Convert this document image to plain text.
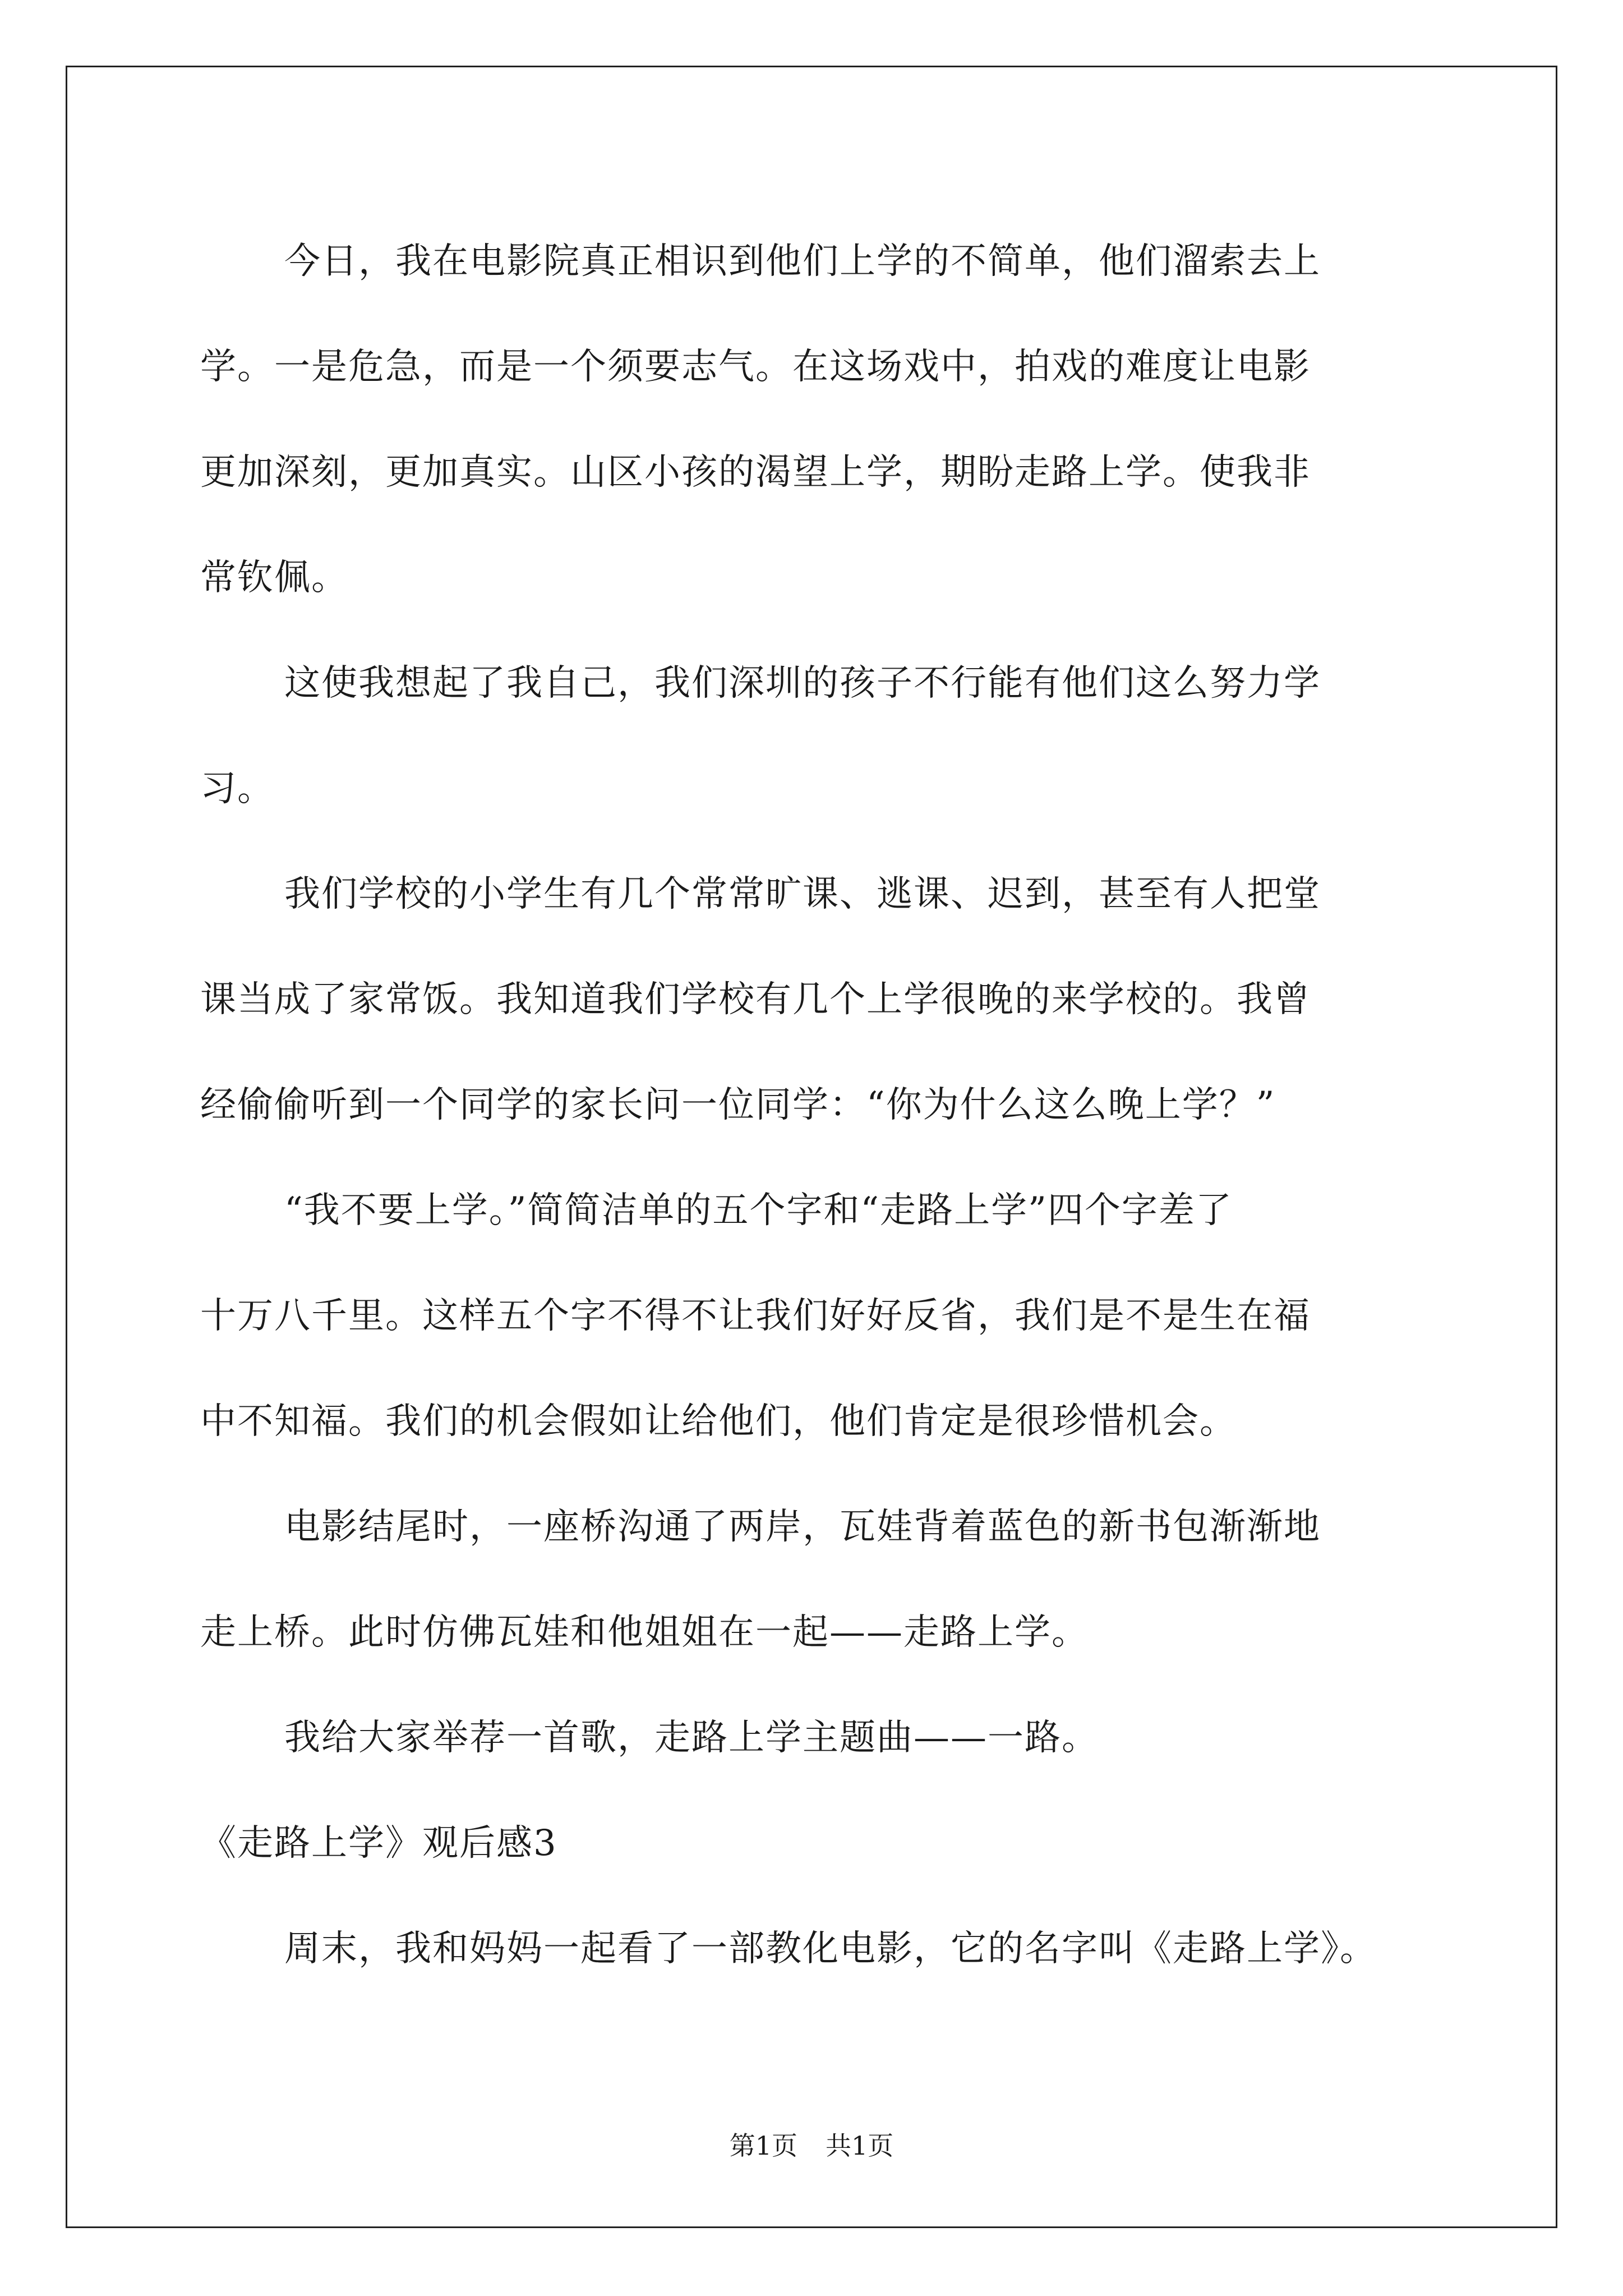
今日，我在电影院真正相识到他们上学的不简单，他们溜索去上
学。一是危急，而是一个须要志气。在这场戏中，拍戏的难度让电影
更加深刻，更加真实。山区小孩的渴望上学，期盼走路上学。使我非
常钦佩。
这使我想起了我自己，我们深圳的孩子不行能有他们这么努力学
习。
我们学校的小学生有几个常常旷课、逃课、迟到，甚至有人把堂
课当成了家常饭。我知道我们学校有几个上学很晚的来学校的。我曾
经偷偷听到一个同学的家长问一位同学：“你为什么这么晚上学？”
“我不要上学。”简简洁单的五个字和“走路上学”四个字差了
十万八千里。这样五个字不得不让我们好好反省，我们是不是生在福
中不知福。我们的机会假如让给他们，他们肯定是很珍惜机会。
电影结尾时，一座桥沟通了两岸，瓦娃背着蓝色的新书包渐渐地
走上桥。此时仿佛瓦娃和他姐姐在一起——走路上学。
我给大家举荐一首歌，走路上学主题曲——一路。
《走路上学》观后感3
周末，我和妈妈一起看了一部教化电影，它的名字叫《走路上学》。
第1页 共1页
